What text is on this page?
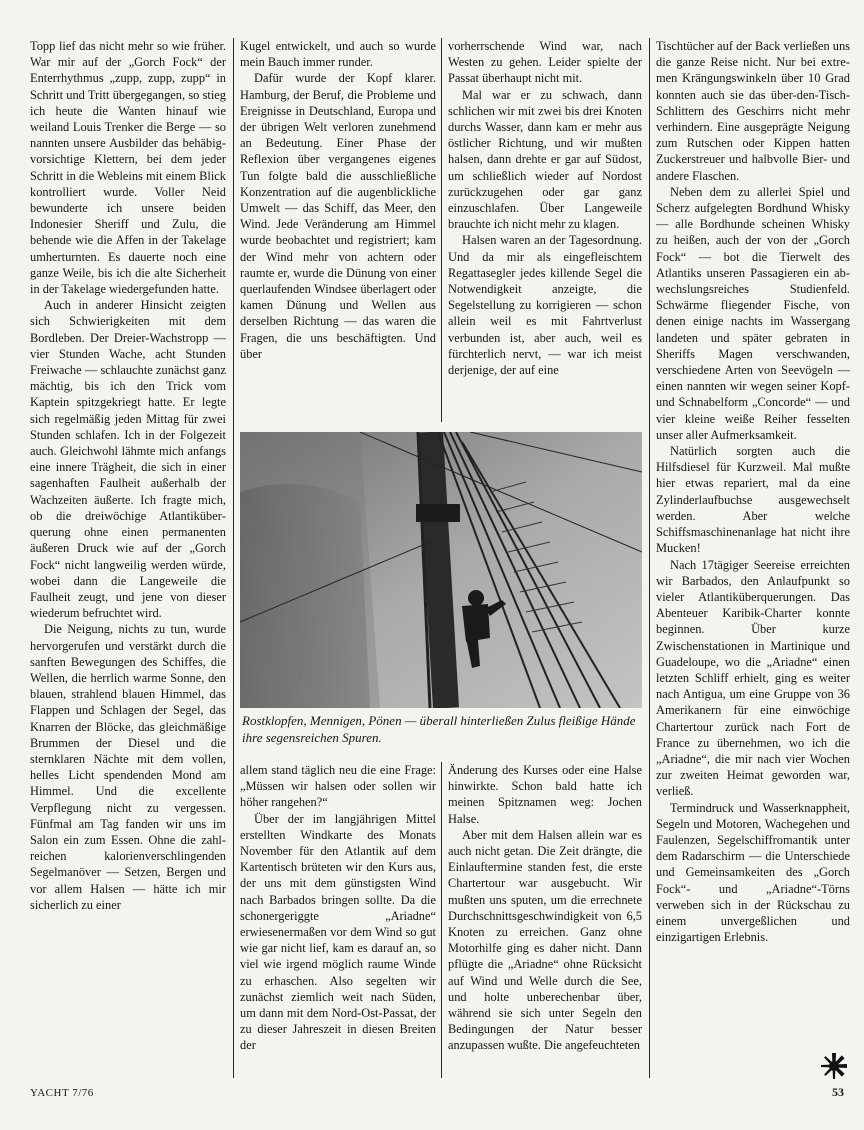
Topp lief das nicht mehr so wie früher. War mir auf der „Gorch Fock“ der Enterrhythmus „zupp, zupp, zupp“ in Schritt und Tritt übergegangen, so stieg ich heute die Wanten hinauf wie weiland Louis Trenker die Berge — so nannten unsere Ausbilder das behäbig-vorsichtige Klettern, bei dem jeder Schritt in die Webleins mit einem Blick kontrolliert wurde. Voller Neid bewunderte ich unsere beiden Indonesier Sheriff und Zulu, die behende wie die Affen in der Takelage umherturnten. Es dauerte noch eine ganze Weile, bis ich die alte Sicherheit in der Takelage wiedergefunden hatte.

Auch in anderer Hinsicht zeigten sich Schwierigkeiten mit dem Bordleben. Der Dreier-Wachstropp — vier Stunden Wache, acht Stunden Freiwache — schlauchte zunächst ganz mächtig, bis ich den Trick vom Kaptein spitzgekriegt hatte. Er legte sich regelmäßig jeden Mittag für zwei Stunden schlafen. Ich in der Folgezeit auch. Gleichwohl lähmte mich anfangs eine innere Trägheit, die sich in einer sagenhaften Faulheit außerhalb der Wachzeiten äußerte. Ich fragte mich, ob die dreiwöchige Atlantiküberquerung ohne einen permanenten äußeren Druck wie auf der „Gorch Fock“ nicht langweilig werden würde, wobei dann die Langeweile die Faulheit zeugt, und jene von dieser wiederum befruchtet wird.

Die Neigung, nichts zu tun, wurde hervorgerufen und verstärkt durch die sanften Bewegungen des Schiffes, die Wellen, die herrlich warme Sonne, den blauen, strahlend blauen Himmel, das Flappen und Schlagen der Segel, das Knarren der Blöcke, das gleichmäßige Brummen der Diesel und die sternklaren Nächte mit dem vollen, helles Licht spendenden Mond am Himmel. Und die excellente Verpflegung nicht zu vergessen. Fünfmal am Tag fanden wir uns im Salon ein zum Essen. Ohne die zahlreichen kalorienverschlingenden Segelmanöver — Setzen, Bergen und vor allem Halsen — hätte ich mir sicherlich zu einer

Kugel entwickelt, und auch so wurde mein Bauch immer runder.

Dafür wurde der Kopf klarer. Hamburg, der Beruf, die Probleme und Ereignisse in Deutschland, Europa und der übrigen Welt verloren zunehmend an Bedeutung. Einer Phase der Reflexion über vergangenes eigenes Tun folgte bald die ausschließliche Konzentration auf die augenblickliche Umwelt — das Schiff, das Meer, den Wind. Jede Veränderung am Himmel wurde beobachtet und registriert; kam der Wind mehr von achtern oder raumte er, wurde die Dünung von einer querlaufenden Windsee überlagert oder kamen Dünung und Wellen aus derselben Richtung — das waren die Fragen, die uns beschäftigten. Und über

vorherrschende Wind war, nach Westen zu gehen. Leider spielte der Passat überhaupt nicht mit.

Mal war er zu schwach, dann schlichen wir mit zwei bis drei Knoten durchs Wasser, dann kam er mehr aus östlicher Richtung, und wir mußten halsen, dann drehte er gar auf Südost, um schließlich wieder auf Nordost zurückzugehen oder gar ganz einzuschlafen. Über Langeweile brauchte ich nicht mehr zu klagen.

Halsen waren an der Tagesordnung. Und da mir als eingefleischtem Regattasegler jedes killende Segel die Notwendigkeit anzeigte, die Segelstellung zu korrigieren — schon allein weil es mit Fahrtverlust verbunden ist, aber auch, weil es fürchterlich nervt, — war ich meist derjenige, der auf eine

Tischtücher auf der Back verließen uns die ganze Reise nicht. Nur bei extremen Krängungswinkeln über 10 Grad konnten auch sie das über-den-Tisch-Schlittern des Geschirrs nicht mehr verhindern. Eine ausgeprägte Neigung zum Rutschen oder Kippen hatten Zuckerstreuer und halbvolle Bier- und andere Flaschen.

Neben dem zu allerlei Spiel und Scherz aufgelegten Bordhund Whisky — alle Bordhunde scheinen Whisky zu heißen, auch der von der „Gorch Fock“ — bot die Tierwelt des Atlantiks unseren Passagieren ein abwechslungsreiches Studienfeld. Schwärme fliegender Fische, von denen einige nachts im Wassergang landeten und später gebraten in Sheriffs Magen verschwanden, verschiedene Arten von Seevögeln — einen nannten wir wegen seiner Kopf- und Schnabelform „Concorde“ — und vier kleine weiße Reiher fesselten unser aller Aufmerksamkeit.

Natürlich sorgten auch die Hilfsdiesel für Kurzweil. Mal mußte hier etwas repariert, mal da eine Zylinderlaufbuchse ausgewechselt werden. Aber welche Schiffsmaschinenanlage hat nicht ihre Mucken!

Nach 17tägiger Seereise erreichten wir Barbados, den Anlaufpunkt so vieler Atlantiküberquerungen. Das Abenteuer Karibik-Charter konnte beginnen. Über kurze Zwischenstationen in Martinique und Guadeloupe, wo die „Ariadne“ einen letzten Schliff erhielt, ging es weiter nach Antigua, um eine Gruppe von 36 Amerikanern für eine einwöchige Chartertour zurück nach Fort de France zu übernehmen, wo ich die „Ariadne“, die mir nach vier Wochen zur zweiten Heimat geworden war, verließ.

Termindruck und Wasserknappheit, Segeln und Motoren, Wachegehen und Faulenzen, Segelschiffromantik unter dem Radarschirm — die Unterschiede und Gemeinsamkeiten des „Gorch Fock“- und „Ariadne“-Törns verweben sich in der Rückschau zu einem unvergeßlichen und einzigartigen Erlebnis.

Rostklopfen, Mennigen, Pönen — überall hinterließen Zulus fleißige Hände ihre segensreichen Spuren.

allem stand täglich neu die eine Frage: „Müssen wir halsen oder sollen wir höher rangehen?“

Über der im langjährigen Mittel erstellten Windkarte des Monats November für den Atlantik auf dem Kartentisch brüteten wir den Kurs aus, der uns mit dem günstigsten Wind nach Barbados bringen sollte. Da die schonergeriggte „Ariadne“ erwiesenermaßen vor dem Wind so gut wie gar nicht lief, kam es darauf an, so viel wie irgend möglich raume Winde zu erhaschen. Also segelten wir zunächst ziemlich weit nach Süden, um dann mit dem Nord-Ost-Passat, der zu dieser Jahreszeit in diesen Breiten der

Änderung des Kurses oder eine Halse hinwirkte. Schon bald hatte ich meinen Spitznamen weg: Jochen Halse.

Aber mit dem Halsen allein war es auch nicht getan. Die Zeit drängte, die Einlauftermine standen fest, die erste Chartertour war ausgebucht. Wir mußten uns sputen, um die errechnete Durchschnittsgeschwindigkeit von 6,5 Knoten zu erreichen. Ganz ohne Motorhilfe ging es daher nicht. Dann pflügte die „Ariadne“ ohne Rücksicht auf Wind und Welle durch die See, und holte unberechenbar über, während sie sich unter Segeln den Bedingungen der Natur besser anzupassen wußte. Die angefeuchteten

YACHT 7/76	53
